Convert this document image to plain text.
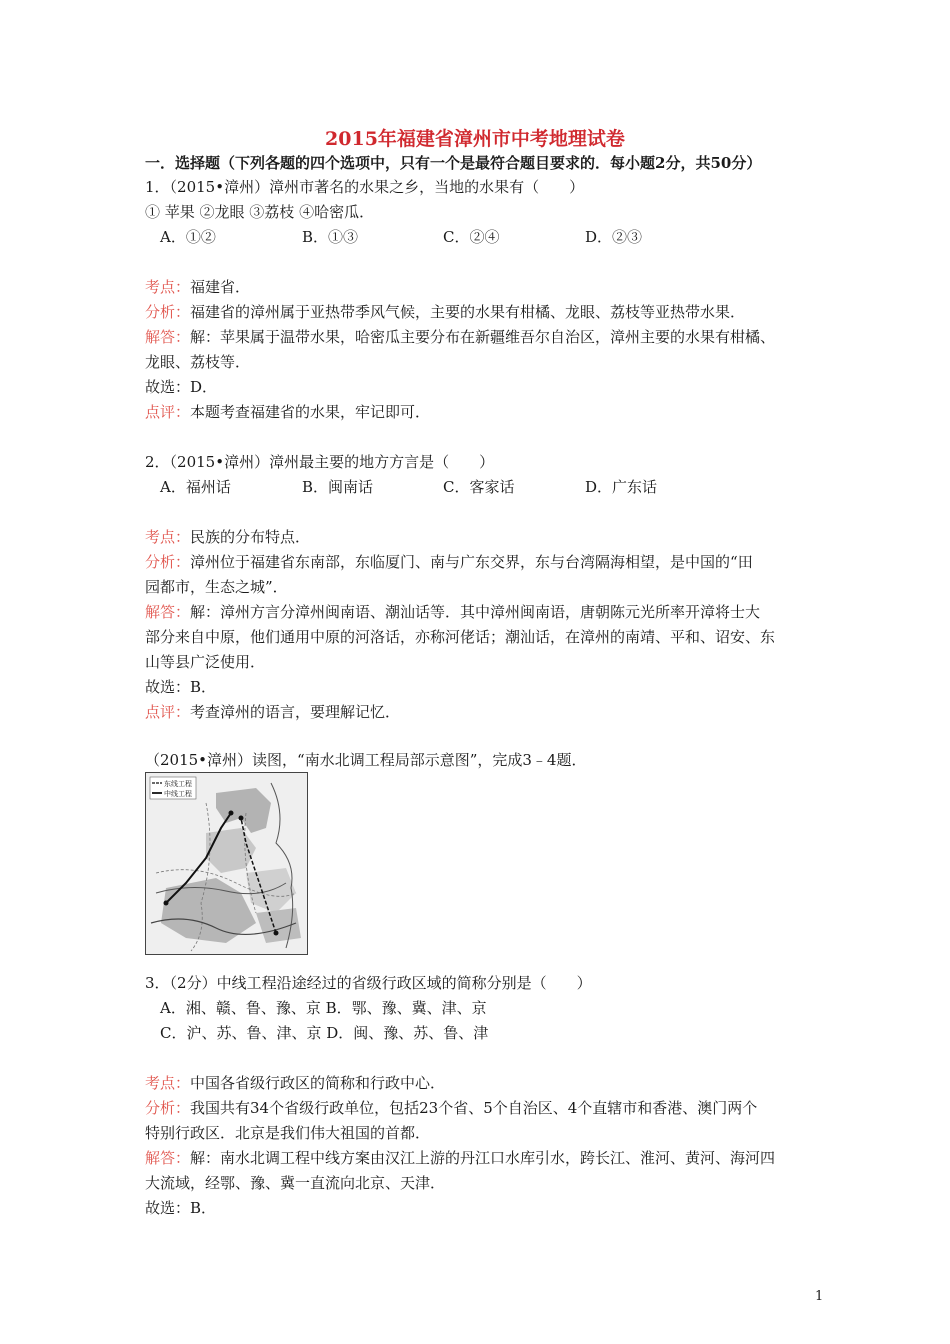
2015年福建省漳州市中考地理试卷
一．选择题（下列各题的四个选项中，只有一个是最符合题目要求的．每小题2分，共50分）
1．（2015•漳州）漳州市著名的水果之乡，当地的水果有（　　）
① 苹果 ②龙眼 ③荔枝 ④哈密瓜．
A．①②	B．①③	C．②④	D．②③
考点：福建省．
分析：福建省的漳州属于亚热带季风气候，主要的水果有柑橘、龙眼、荔枝等亚热带水果．
解答：解：苹果属于温带水果，哈密瓜主要分布在新疆维吾尔自治区，漳州主要的水果有柑橘、
龙眼、荔枝等．
故选：D．
点评：本题考查福建省的水果，牢记即可．
2．（2015•漳州）漳州最主要的地方方言是（　　）
A．福州话	B．闽南话	C．客家话	D．广东话
考点：民族的分布特点．
分析：漳州位于福建省东南部，东临厦门、南与广东交界，东与台湾隔海相望，是中国的“田
园都市，生态之城”．
解答：解：漳州方言分漳州闽南语、潮汕话等．其中漳州闽南语，唐朝陈元光所率开漳将士大
部分来自中原，他们通用中原的河洛话，亦称河佬话；潮汕话，在漳州的南靖、平和、诏安、东
山等县广泛使用．
故选：B．
点评：考查漳州的语言，要理解记忆．
（2015•漳州）读图，“南水北调工程局部示意图”，完成3﹣4题．
东线工程
中线工程
3．（2分）中线工程沿途经过的省级行政区域的简称分别是（　　）
A．湘、赣、鲁、豫、京 B．鄂、豫、冀、津、京
C．沪、苏、鲁、津、京 D．闽、豫、苏、鲁、津
考点：中国各省级行政区的简称和行政中心．
分析：我国共有34个省级行政单位，包括23个省、5个自治区、4个直辖市和香港、澳门两个
特别行政区．北京是我们伟大祖国的首都．
解答：解：南水北调工程中线方案由汉江上游的丹江口水库引水，跨长江、淮河、黄河、海河四
大流域，经鄂、豫、冀一直流向北京、天津．
故选：B．
1
